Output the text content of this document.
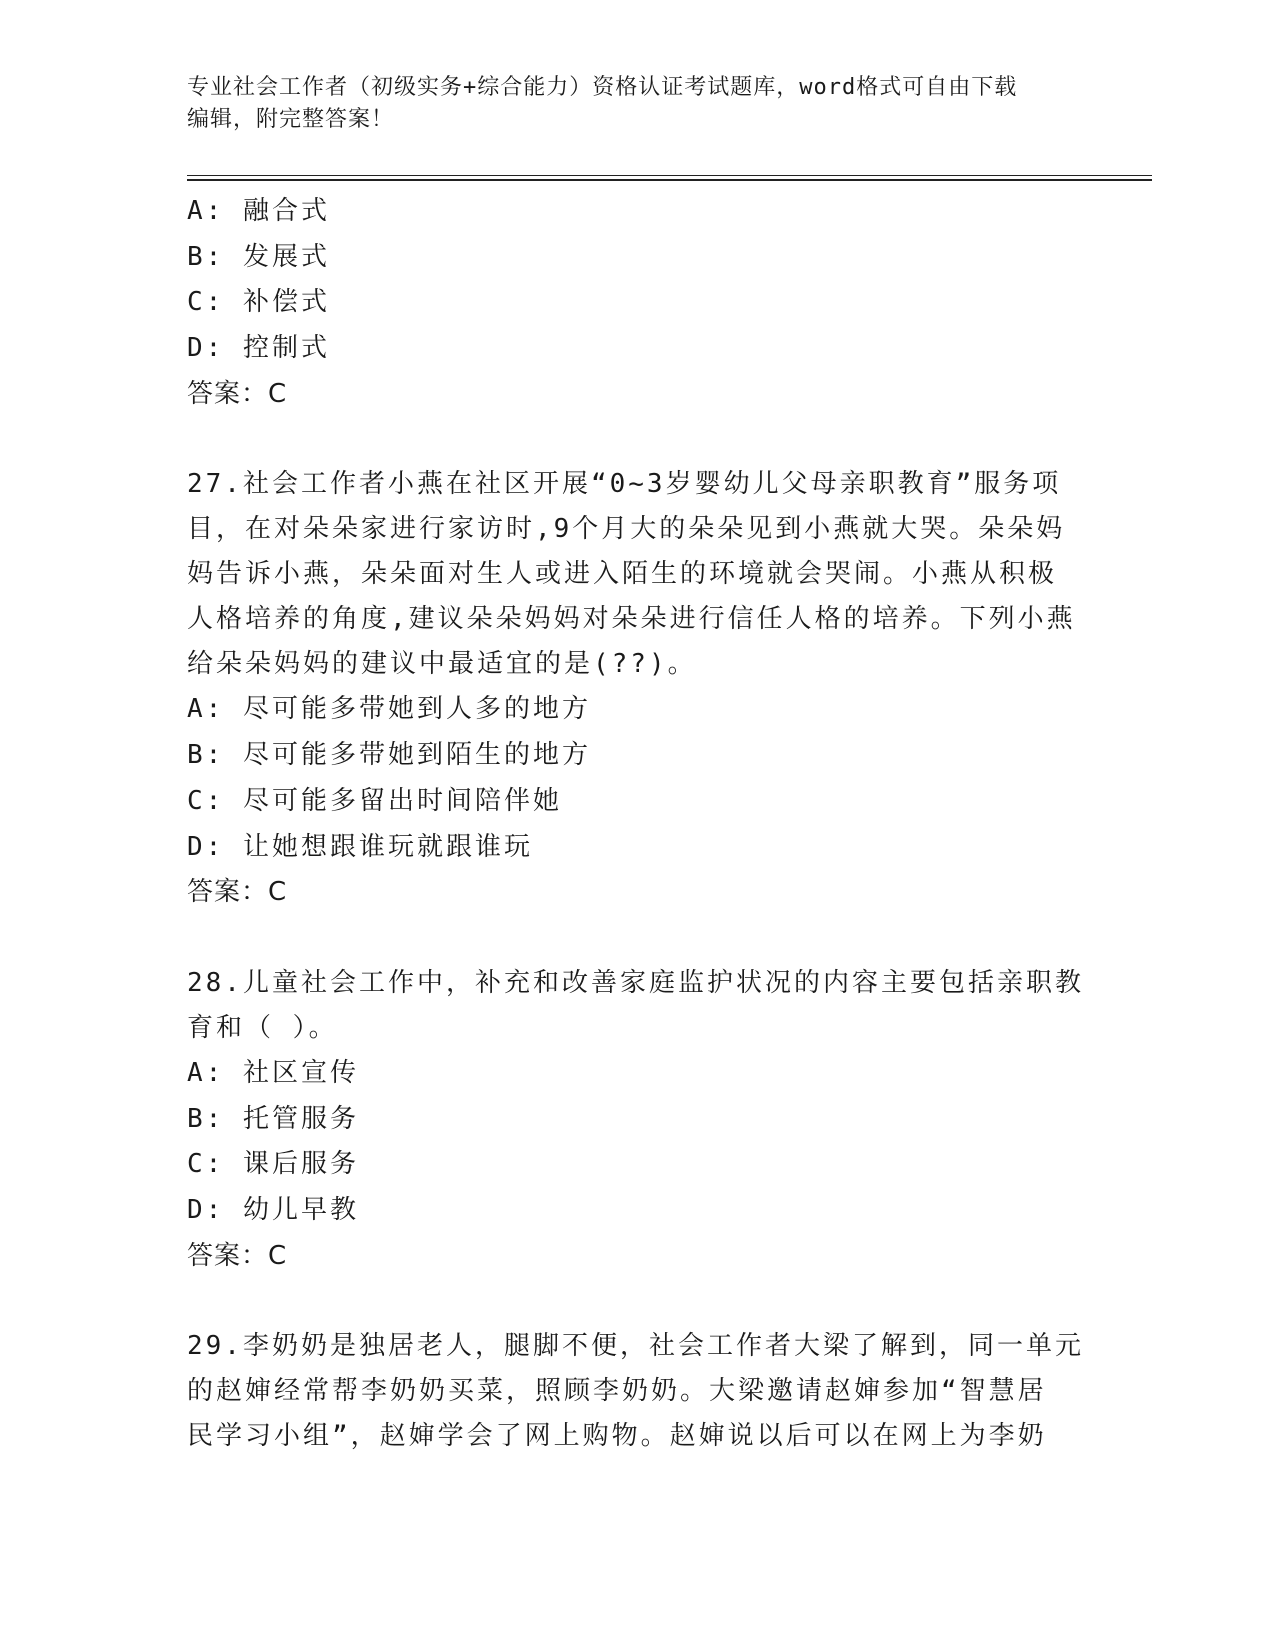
专业社会工作者（初级实务+综合能力）资格认证考试题库，word格式可自由下载
编辑，附完整答案！
A: 融合式
B: 发展式
C: 补偿式
D: 控制式
答案：C
27.社会工作者小燕在社区开展“0~3岁婴幼儿父母亲职教育”服务项
目，在对朵朵家进行家访时,9个月大的朵朵见到小燕就大哭。朵朵妈
妈告诉小燕，朵朵面对生人或进入陌生的环境就会哭闹。小燕从积极
人格培养的角度,建议朵朵妈妈对朵朵进行信任人格的培养。下列小燕
给朵朵妈妈的建议中最适宜的是(??)。
A: 尽可能多带她到人多的地方
B: 尽可能多带她到陌生的地方
C: 尽可能多留出时间陪伴她
D: 让她想跟谁玩就跟谁玩
答案：C
28.儿童社会工作中，补充和改善家庭监护状况的内容主要包括亲职教
育和（ ）。
A: 社区宣传
B: 托管服务
C: 课后服务
D: 幼儿早教
答案：C
29.李奶奶是独居老人，腿脚不便，社会工作者大梁了解到，同一单元
的赵婶经常帮李奶奶买菜，照顾李奶奶。大梁邀请赵婶参加“智慧居
民学习小组”，赵婶学会了网上购物。赵婶说以后可以在网上为李奶
